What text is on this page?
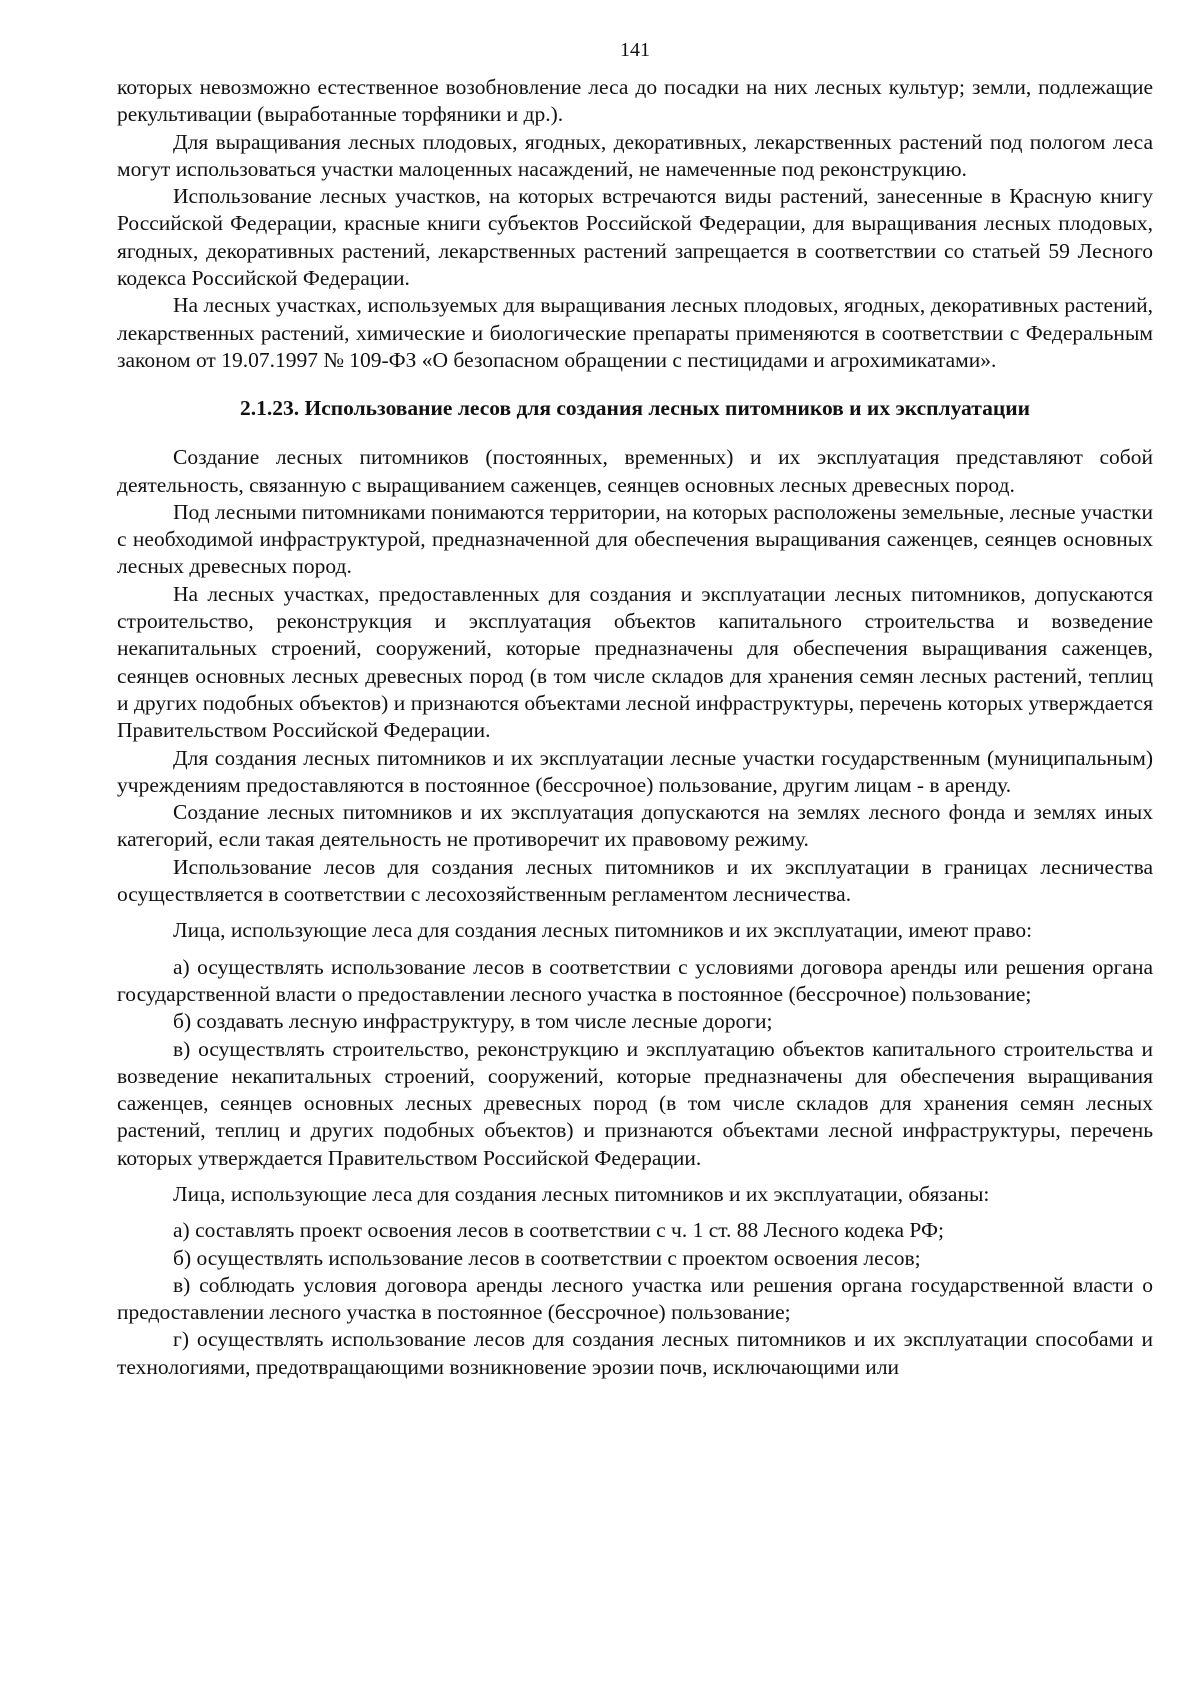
141

которых невозможно естественное возобновление леса до посадки на них лесных культур; земли, подлежащие рекультивации (выработанные торфяники и др.).

Для выращивания лесных плодовых, ягодных, декоративных, лекарственных растений под пологом леса могут использоваться участки малоценных насаждений, не намеченные под реконструкцию.

Использование лесных участков, на которых встречаются виды растений, занесенные в Красную книгу Российской Федерации, красные книги субъектов Российской Федерации, для выращивания лесных плодовых, ягодных, декоративных растений, лекарственных растений запрещается в соответствии со статьей 59 Лесного кодекса Российской Федерации.

На лесных участках, используемых для выращивания лесных плодовых, ягодных, декоративных растений, лекарственных растений, химические и биологические препараты применяются в соответствии с Федеральным законом от 19.07.1997 № 109-ФЗ «О безопасном обращении с пестицидами и агрохимикатами».

2.1.23. Использование лесов для создания лесных питомников и их эксплуатации

Создание лесных питомников (постоянных, временных) и их эксплуатация представляют собой деятельность, связанную с выращиванием саженцев, сеянцев основных лесных древесных пород.

Под лесными питомниками понимаются территории, на которых расположены земельные, лесные участки с необходимой инфраструктурой, предназначенной для обеспечения выращивания саженцев, сеянцев основных лесных древесных пород.

На лесных участках, предоставленных для создания и эксплуатации лесных питомников, допускаются строительство, реконструкция и эксплуатация объектов капитального строительства и возведение некапитальных строений, сооружений, которые предназначены для обеспечения выращивания саженцев, сеянцев основных лесных древесных пород (в том числе складов для хранения семян лесных растений, теплиц и других подобных объектов) и признаются объектами лесной инфраструктуры, перечень которых утверждается Правительством Российской Федерации.

Для создания лесных питомников и их эксплуатации лесные участки государственным (муниципальным) учреждениям предоставляются в постоянное (бессрочное) пользование, другим лицам - в аренду.

Создание лесных питомников и их эксплуатация допускаются на землях лесного фонда и землях иных категорий, если такая деятельность не противоречит их правовому режиму.

Использование лесов для создания лесных питомников и их эксплуатации в границах лесничества осуществляется в соответствии с лесохозяйственным регламентом лесничества.

Лица, использующие леса для создания лесных питомников и их эксплуатации, имеют право:

а) осуществлять использование лесов в соответствии с условиями договора аренды или решения органа государственной власти о предоставлении лесного участка в постоянное (бессрочное) пользование;

б) создавать лесную инфраструктуру, в том числе лесные дороги;

в) осуществлять строительство, реконструкцию и эксплуатацию объектов капитального строительства и возведение некапитальных строений, сооружений, которые предназначены для обеспечения выращивания саженцев, сеянцев основных лесных древесных пород (в том числе складов для хранения семян лесных растений, теплиц и других подобных объектов) и признаются объектами лесной инфраструктуры, перечень которых утверждается Правительством Российской Федерации.

Лица, использующие леса для создания лесных питомников и их эксплуатации, обязаны:

а) составлять проект освоения лесов в соответствии с ч. 1 ст. 88 Лесного кодека РФ;

б) осуществлять использование лесов в соответствии с проектом освоения лесов;

в) соблюдать условия договора аренды лесного участка или решения органа государственной власти о предоставлении лесного участка в постоянное (бессрочное) пользование;

г) осуществлять использование лесов для создания лесных питомников и их эксплуатации способами и технологиями, предотвращающими возникновение эрозии почв, исключающими или
